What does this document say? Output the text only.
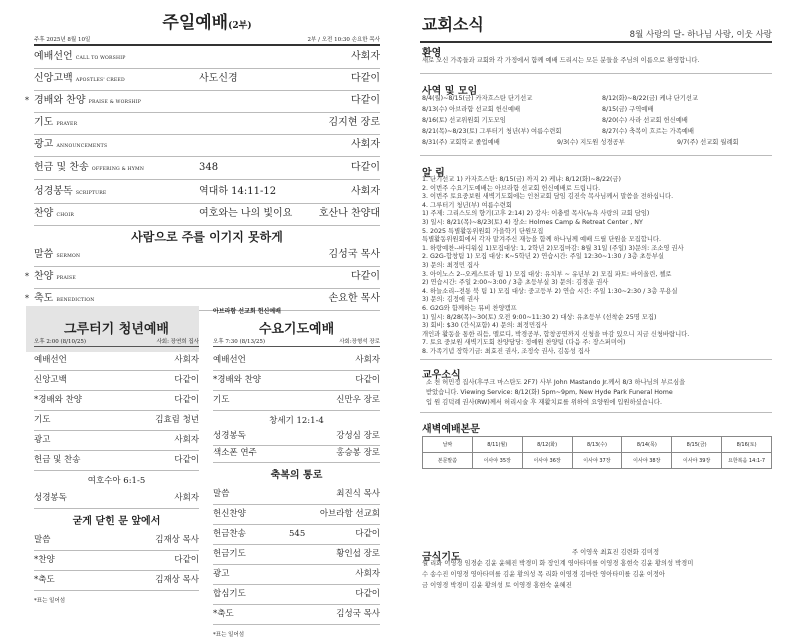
주일예배(2부)
주후 2025년 8월 10일	2부 / 오전 10:30 손요한 목사
예배선언 CALL TO WORSHIP	사회자
신앙고백 APOSTLES' CREED	사도신경	다같이
* 경배와 찬양 PRAISE & WORSHIP	다같이
기도 PRAYER	김지현 장로
광고 ANNOUNCEMENTS	사회자
헌금 및 찬송 OFFERING & HYMN	348	다같이
성경봉독 SCRIPTURE	역대하 14:11-12	사회자
찬양 CHOIR	여호와는 나의 빛이요	호산나 찬양대
사람으로 주를 이기지 못하게
말씀 SERMON	김성국 목사
* 찬양 PRAISE	다같이
* 축도 BENEDICTION	손요한 목사
그루터기 청년예배
오후 2:00 (8/10/25)	사회: 장연희 집사
예배선언	사회자
신앙고백	다같이
*경배와 찬양	다같이
기도	김효림 청년
광고	사회자
헌금 및 찬송	다같이
여호수아 6:1-5
성경봉독	사회자
굳게 닫힌 문 앞에서
말씀	김재상 목사
*찬양	다같이
*축도	김재상 목사
*표는 일어섬
아브라함 선교회 헌신예배
수요기도예배
오후 7:30 (8/13/25)	사회:장형석 장로
예배선언	사회자
*경배와 찬양	다같이
기도	신만우 장로
창세기 12:1-4
성경봉독	강성심 장로
색소폰 연주	홍승봉 장로
축복의 통로
말씀	최진식 목사
헌신찬양	아브라함 선교회
헌금찬송	545	다같이
헌금기도	황인섭 장로
광고	사회자
합심기도	다같이
*축도	김성국 목사
*표는 일어섬
교회소식
8월 사랑의 달- 하나님 사랑, 이웃 사랑
환영
새로 오신 가족들과 교회와 각 가정에서 함께 예배 드리시는 모든 분들을 주님의 이름으로 환영합니다.
사역 및 모임
8/4(월)~8/15(금) 카자흐스탄 단기선교	8/12(화)~8/22(금) 케냐 단기선교
8/13(수) 아브라함 선교회 헌신예배	8/15(금) 구역예배
8/16(토) 선교위원회 기도모임	8/20(수) 사라 선교회 헌신예배
8/21(목)~8/23(토) 그루터기 청년(부) 여름수련회	8/27(수) 축복이 흐르는 가족예배
8/31(주) 교회학교 졸업예배	9/3(수) 지도원 성경공부	9/7(주) 선교회 월례회
알 림
1. 단기선교 1) 카자흐스탄: 8/15(금) 까지 2) 케냐: 8/12(화)~8/22(금)
2. 이번주 수요기도예배는 아브라함 선교회 헌신예배로 드립니다.
3. 이번주 토요중보원 새벽기도회에는 인천교회 담임 김진숙 목사님께서 말씀을 전하십니다.
4. 그루터기 청년(부) 여름수련회
1) 주제: 그리스도의 향기(고후 2:14) 2) 강사: 이충렬 목사(뉴욕 사랑의 교회 담임)
3) 일시: 8/21(목)~8/23(토) 4) 장소: Holmes Camp & Retreat Center , NY
5. 2025 특별활동위원회 가을학기 단원모집
특별활동위원회에서 각자 맡겨주신 재능을 함께 하나님께 예배 드릴 단원을 모집합니다.
1. 하랑예찬--바디워십 1)모집대상: 1, 2학년 2)모집마감: 8월 31일 (주일) 3)문의: 조소영 권사
2. G2G-합창팀 1) 모집 대상: K~5학년 2) 연습시간: 주일 12:30~1:30 / 3층 초등부실
3) 문의: 최정민 집사
3. 아이노스 2--오케스트라 팀 1) 모집 대상: 유치부 ~ 유년부 2) 모집 파트: 바이올린, 첼로
2) 연습시간: 주일 2:00~3:00 / 3층 초등부실 3) 문의: 김경운 권사
4. 하늘소리--전통 북 팀 1) 모집 대상: 중고등부 2) 연습 시간: 주일 1:30~2:30 / 3층 무용실
3) 문의: 김정애 권사
6. G2G와 함께하는 뮤비 찬양캠프
1) 일시: 8/28(목)~30(토) 오전 9:00~11:30 2) 대상: 유초등부 (선착순 25명 모집)
3) 회비: $30 (간식포함) 4) 문의: 최정민집사
개인과 활동을 통한 리듬, 멜로디, 박경공부, 합창공연까지 신청을 마감 있으니 지금 신청바랍니다.
7. 토요 중보원 새벽기도회 찬양담당: 정예원 찬양팀 (다음 주: 장스퍼미어)
8. 가족기념 장학기금: 최효진 권사, 조정숙 권사, 김동성 집사
교우소식
소 천 허민정 집사(후쿠크 마스탄도 2F7) 사부 John Mastando Jr.께서 8/3 하나님의 부르심을
받았습니다. Viewing Service: 8/12(화) 5pm~9pm, New Hyde Park Funeral Home
입 원 김덕례 권사(RW)께서 허리시술 후 재활치료를 위하여 요양원에 입원하셨습니다.
새벽예배본문
날짜	8/11(월)	8/12(화)	8/13(수)	8/14(목)	8/15(금)	8/16(토)
본문말씀	이사야 35장	이사야 36장	이사야 37장	이사야 38장	이사야 39장	요한복음 14:1-7
금식기도	주 이영욱 최효진 김련화 김미정
월 리화 이영경 임경순 김윤 윤혜진 박경미 화 장인계 영아타미를 이영경 홍현숙 김윤 황의성 박경미
수 송수진 이영경 영아타미를 김윤 황의성 목 리화 이영경 김마란 영아타미를 김윤 이정아
금 이영경 박경미 김윤 황의성 토 이영경 홍현숙 윤혜진
